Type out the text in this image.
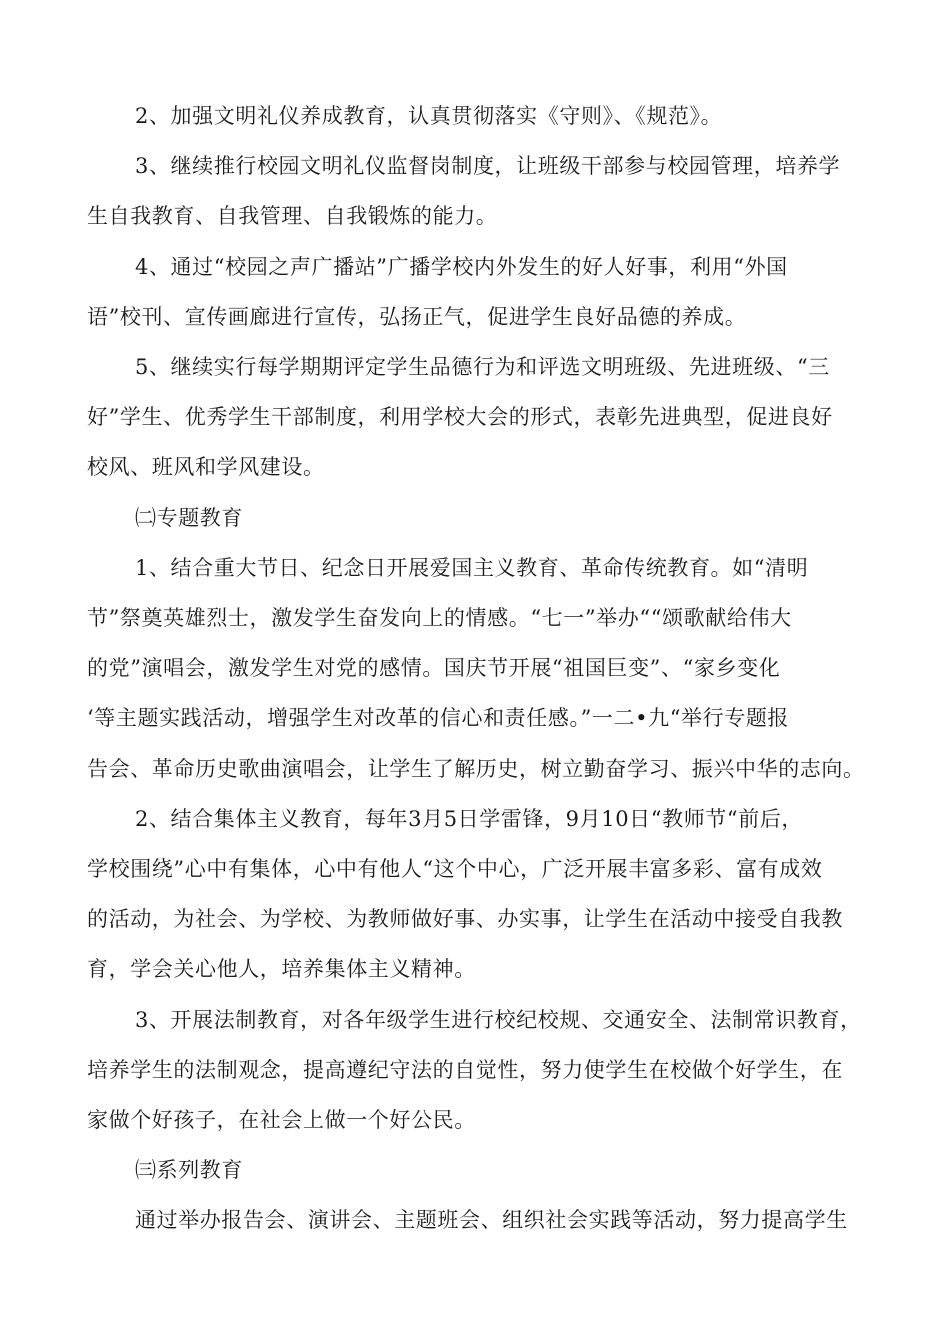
2、加强文明礼仪养成教育，认真贯彻落实《守则》、《规范》。
3、继续推行校园文明礼仪监督岗制度，让班级干部参与校园管理，培养学
生自我教育、自我管理、自我锻炼的能力。
4、通过“校园之声广播站”广播学校内外发生的好人好事，利用“外国
语”校刊、宣传画廊进行宣传，弘扬正气，促进学生良好品德的养成。
5、继续实行每学期期评定学生品德行为和评选文明班级、先进班级、“三
好”学生、优秀学生干部制度，利用学校大会的形式，表彰先进典型，促进良好
校风、班风和学风建设。
㈡专题教育
1、结合重大节日、纪念日开展爱国主义教育、革命传统教育。如“清明
节”祭奠英雄烈士，激发学生奋发向上的情感。“七一”举办““颂歌献给伟大
的党”演唱会，激发学生对党的感情。国庆节开展“祖国巨变”、“家乡变化
‘等主题实践活动，增强学生对改革的信心和责任感。”一二•九“举行专题报
告会、革命历史歌曲演唱会，让学生了解历史，树立勤奋学习、振兴中华的志向。
2、结合集体主义教育，每年3月5日学雷锋，9月10日“教师节“前后，
学校围绕”心中有集体，心中有他人“这个中心，广泛开展丰富多彩、富有成效
的活动，为社会、为学校、为教师做好事、办实事，让学生在活动中接受自我教
育，学会关心他人，培养集体主义精神。
3、开展法制教育，对各年级学生进行校纪校规、交通安全、法制常识教育，
培养学生的法制观念，提高遵纪守法的自觉性，努力使学生在校做个好学生，在
家做个好孩子，在社会上做一个好公民。
㈢系列教育
通过举办报告会、演讲会、主题班会、组织社会实践等活动，努力提高学生
